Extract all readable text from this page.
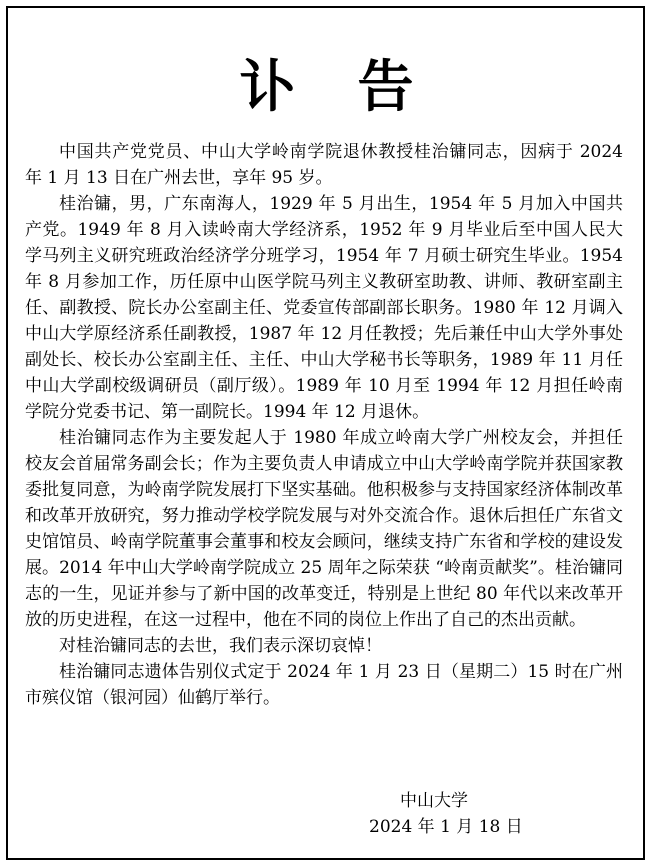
讣告

中国共产党党员、中山大学岭南学院退休教授桂治镛同志，因病于 2024 年 1 月 13 日在广州去世，享年 95 岁。

桂治镛，男，广东南海人，1929 年 5 月出生，1954 年 5 月加入中国共产党。1949 年 8 月入读岭南大学经济系，1952 年 9 月毕业后至中国人民大学马列主义研究班政治经济学分班学习，1954 年 7 月硕士研究生毕业。1954 年 8 月参加工作，历任原中山医学院马列主义教研室助教、讲师、教研室副主任、副教授、院长办公室副主任、党委宣传部副部长职务。1980 年 12 月调入中山大学原经济系任副教授，1987 年 12 月任教授；先后兼任中山大学外事处副处长、校长办公室副主任、主任、中山大学秘书长等职务，1989 年 11 月任中山大学副校级调研员（副厅级）。1989 年 10 月至 1994 年 12 月担任岭南学院分党委书记、第一副院长。1994 年 12 月退休。

桂治镛同志作为主要发起人于 1980 年成立岭南大学广州校友会，并担任校友会首届常务副会长；作为主要负责人申请成立中山大学岭南学院并获国家教委批复同意，为岭南学院发展打下坚实基础。他积极参与支持国家经济体制改革和改革开放研究，努力推动学校学院发展与对外交流合作。退休后担任广东省文史馆馆员、岭南学院董事会董事和校友会顾问，继续支持广东省和学校的建设发展。2014 年中山大学岭南学院成立 25 周年之际荣获 “岭南贡献奖”。桂治镛同志的一生，见证并参与了新中国的改革变迁，特别是上世纪 80 年代以来改革开放的历史进程，在这一过程中，他在不同的岗位上作出了自己的杰出贡献。

对桂治镛同志的去世，我们表示深切哀悼！

桂治镛同志遗体告别仪式定于 2024 年 1 月 23 日（星期二）15 时在广州市殡仪馆（银河园）仙鹤厅举行。

中山大学
2024 年 1 月 18 日
